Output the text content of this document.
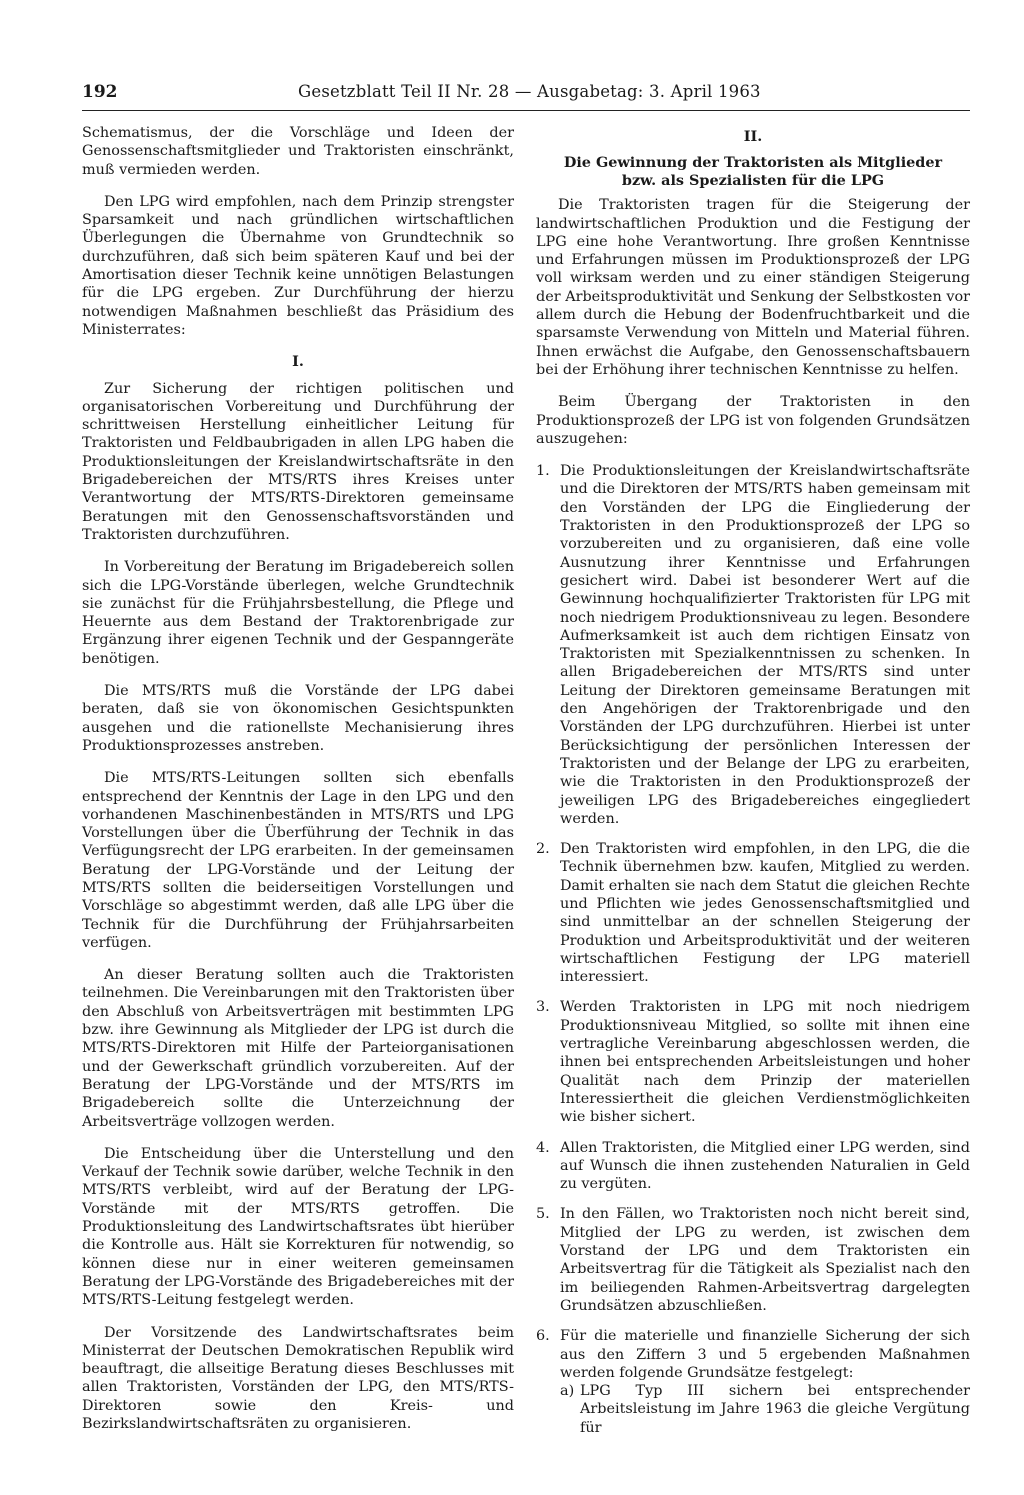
192	Gesetzblatt Teil II Nr. 28 — Ausgabetag: 3. April 1963

Schematismus, der die Vorschläge und Ideen der Genossenschaftsmitglieder und Traktoristen einschränkt, muß vermieden werden.

Den LPG wird empfohlen, nach dem Prinzip strengster Sparsamkeit und nach gründlichen wirtschaftlichen Überlegungen die Übernahme von Grundtechnik so durchzuführen, daß sich beim späteren Kauf und bei der Amortisation dieser Technik keine unnötigen Belastungen für die LPG ergeben. Zur Durchführung der hierzu notwendigen Maßnahmen beschließt das Präsidium des Ministerrates:

I.

Zur Sicherung der richtigen politischen und organisatorischen Vorbereitung und Durchführung der schrittweisen Herstellung einheitlicher Leitung für Traktoristen und Feldbaubrigaden in allen LPG haben die Produktionsleitungen der Kreislandwirtschaftsräte in den Brigadebereichen der MTS/RTS ihres Kreises unter Verantwortung der MTS/RTS-Direktoren gemeinsame Beratungen mit den Genossenschaftsvorständen und Traktoristen durchzuführen.

In Vorbereitung der Beratung im Brigadebereich sollen sich die LPG-Vorstände überlegen, welche Grundtechnik sie zunächst für die Frühjahrsbestellung, die Pflege und Heuernte aus dem Bestand der Traktorenbrigade zur Ergänzung ihrer eigenen Technik und der Gespanngeräte benötigen.

Die MTS/RTS muß die Vorstände der LPG dabei beraten, daß sie von ökonomischen Gesichtspunkten ausgehen und die rationellste Mechanisierung ihres Produktionsprozesses anstreben.

Die MTS/RTS-Leitungen sollten sich ebenfalls entsprechend der Kenntnis der Lage in den LPG und den vorhandenen Maschinenbeständen in MTS/RTS und LPG Vorstellungen über die Überführung der Technik in das Verfügungsrecht der LPG erarbeiten. In der gemeinsamen Beratung der LPG-Vorstände und der Leitung der MTS/RTS sollten die beiderseitigen Vorstellungen und Vorschläge so abgestimmt werden, daß alle LPG über die Technik für die Durchführung der Frühjahrsarbeiten verfügen.

An dieser Beratung sollten auch die Traktoristen teilnehmen. Die Vereinbarungen mit den Traktoristen über den Abschluß von Arbeitsverträgen mit bestimmten LPG bzw. ihre Gewinnung als Mitglieder der LPG ist durch die MTS/RTS-Direktoren mit Hilfe der Parteiorganisationen und der Gewerkschaft gründlich vorzubereiten. Auf der Beratung der LPG-Vorstände und der MTS/RTS im Brigadebereich sollte die Unterzeichnung der Arbeitsverträge vollzogen werden.

Die Entscheidung über die Unterstellung und den Verkauf der Technik sowie darüber, welche Technik in den MTS/RTS verbleibt, wird auf der Beratung der LPG-Vorstände mit der MTS/RTS getroffen. Die Produktionsleitung des Landwirtschaftsrates übt hierüber die Kontrolle aus. Hält sie Korrekturen für notwendig, so können diese nur in einer weiteren gemeinsamen Beratung der LPG-Vorstände des Brigadebereiches mit der MTS/RTS-Leitung festgelegt werden.

Der Vorsitzende des Landwirtschaftsrates beim Ministerrat der Deutschen Demokratischen Republik wird beauftragt, die allseitige Beratung dieses Beschlusses mit allen Traktoristen, Vorständen der LPG, den MTS/RTS-Direktoren sowie den Kreis- und Bezirkslandwirtschaftsräten zu organisieren.

II.
Die Gewinnung der Traktoristen als Mitglieder
bzw. als Spezialisten für die LPG

Die Traktoristen tragen für die Steigerung der landwirtschaftlichen Produktion und die Festigung der LPG eine hohe Verantwortung. Ihre großen Kenntnisse und Erfahrungen müssen im Produktionsprozeß der LPG voll wirksam werden und zu einer ständigen Steigerung der Arbeitsproduktivität und Senkung der Selbstkosten vor allem durch die Hebung der Bodenfruchtbarkeit und die sparsamste Verwendung von Mitteln und Material führen. Ihnen erwächst die Aufgabe, den Genossenschaftsbauern bei der Erhöhung ihrer technischen Kenntnisse zu helfen.

Beim Übergang der Traktoristen in den Produktionsprozeß der LPG ist von folgenden Grundsätzen auszugehen:

1. Die Produktionsleitungen der Kreislandwirtschaftsräte und die Direktoren der MTS/RTS haben gemeinsam mit den Vorständen der LPG die Eingliederung der Traktoristen in den Produktionsprozeß der LPG so vorzubereiten und zu organisieren, daß eine volle Ausnutzung ihrer Kenntnisse und Erfahrungen gesichert wird. Dabei ist besonderer Wert auf die Gewinnung hochqualifizierter Traktoristen für LPG mit noch niedrigem Produktionsniveau zu legen. Besondere Aufmerksamkeit ist auch dem richtigen Einsatz von Traktoristen mit Spezialkenntnissen zu schenken. In allen Brigadebereichen der MTS/RTS sind unter Leitung der Direktoren gemeinsame Beratungen mit den Angehörigen der Traktorenbrigade und den Vorständen der LPG durchzuführen. Hierbei ist unter Berücksichtigung der persönlichen Interessen der Traktoristen und der Belange der LPG zu erarbeiten, wie die Traktoristen in den Produktionsprozeß der jeweiligen LPG des Brigadebereiches eingegliedert werden.
2. Den Traktoristen wird empfohlen, in den LPG, die die Technik übernehmen bzw. kaufen, Mitglied zu werden. Damit erhalten sie nach dem Statut die gleichen Rechte und Pflichten wie jedes Genossenschaftsmitglied und sind unmittelbar an der schnellen Steigerung der Produktion und Arbeitsproduktivität und der weiteren wirtschaftlichen Festigung der LPG materiell interessiert.
3. Werden Traktoristen in LPG mit noch niedrigem Produktionsniveau Mitglied, so sollte mit ihnen eine vertragliche Vereinbarung abgeschlossen werden, die ihnen bei entsprechenden Arbeitsleistungen und hoher Qualität nach dem Prinzip der materiellen Interessiertheit die gleichen Verdienstmöglichkeiten wie bisher sichert.
4. Allen Traktoristen, die Mitglied einer LPG werden, sind auf Wunsch die ihnen zustehenden Naturalien in Geld zu vergüten.
5. In den Fällen, wo Traktoristen noch nicht bereit sind, Mitglied der LPG zu werden, ist zwischen dem Vorstand der LPG und dem Traktoristen ein Arbeitsvertrag für die Tätigkeit als Spezialist nach den im beiliegenden Rahmen-Arbeitsvertrag dargelegten Grundsätzen abzuschließen.
6. Für die materielle und finanzielle Sicherung der sich aus den Ziffern 3 und 5 ergebenden Maßnahmen werden folgende Grundsätze festgelegt:
a) LPG Typ III sichern bei entsprechender Arbeitsleistung im Jahre 1963 die gleiche Vergütung für
